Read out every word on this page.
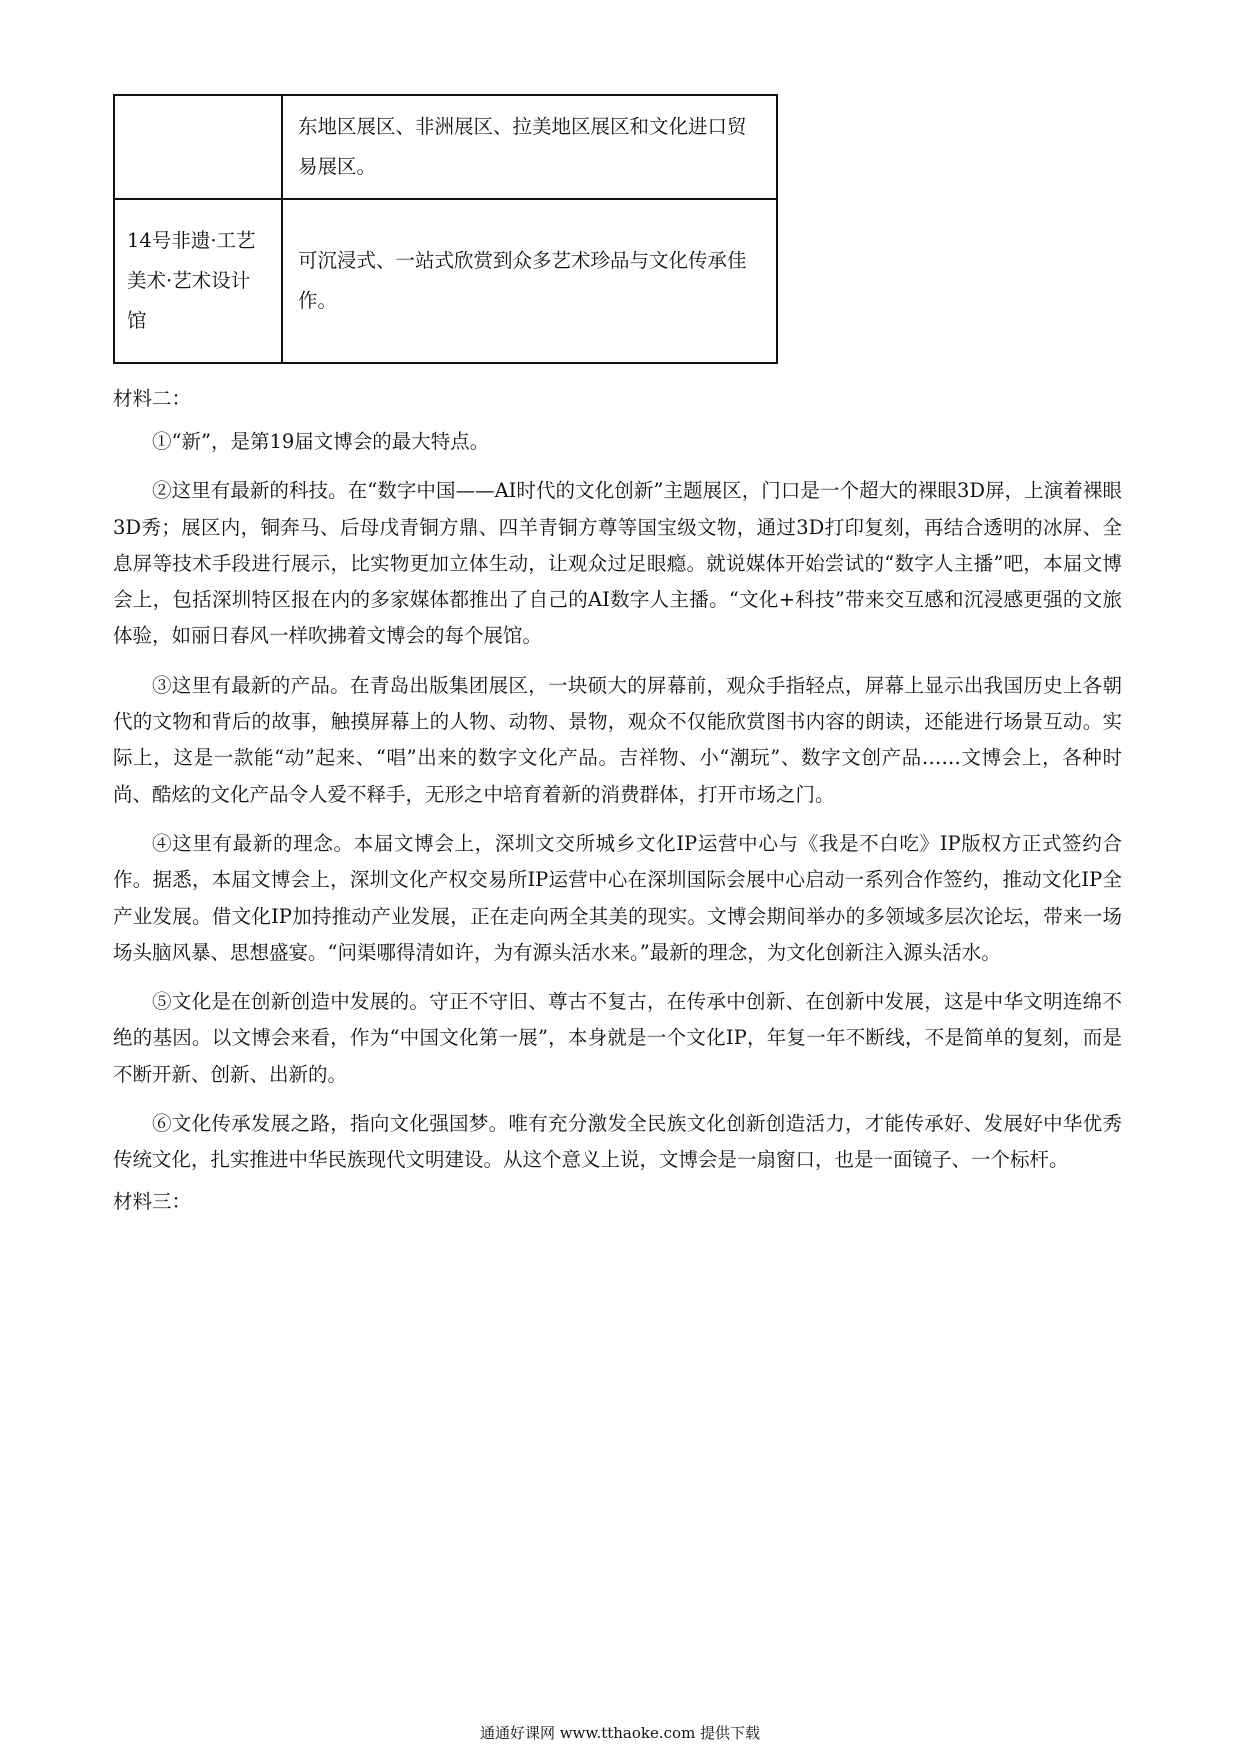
	东地区展区、非洲展区、拉美地区展区和文化进口贸易展区。
14号非遗·工艺美术·艺术设计馆	可沉浸式、一站式欣赏到众多艺术珍品与文化传承佳作。

材料二：

①“新”，是第19届文博会的最大特点。

②这里有最新的科技。在“数字中国——AI时代的文化创新”主题展区，门口是一个超大的裸眼3D屏，上演着裸眼3D秀；展区内，铜奔马、后母戊青铜方鼎、四羊青铜方尊等国宝级文物，通过3D打印复刻，再结合透明的冰屏、全息屏等技术手段进行展示，比实物更加立体生动，让观众过足眼瘾。就说媒体开始尝试的“数字人主播”吧，本届文博会上，包括深圳特区报在内的多家媒体都推出了自己的AI数字人主播。“文化+科技”带来交互感和沉浸感更强的文旅体验，如丽日春风一样吹拂着文博会的每个展馆。

③这里有最新的产品。在青岛出版集团展区，一块硕大的屏幕前，观众手指轻点，屏幕上显示出我国历史上各朝代的文物和背后的故事，触摸屏幕上的人物、动物、景物，观众不仅能欣赏图书内容的朗读，还能进行场景互动。实际上，这是一款能“动”起来、“唱”出来的数字文化产品。吉祥物、小“潮玩”、数字文创产品……文博会上，各种时尚、酷炫的文化产品令人爱不释手，无形之中培育着新的消费群体，打开市场之门。

④这里有最新的理念。本届文博会上，深圳文交所城乡文化IP运营中心与《我是不白吃》IP版权方正式签约合作。据悉，本届文博会上，深圳文化产权交易所IP运营中心在深圳国际会展中心启动一系列合作签约，推动文化IP全产业发展。借文化IP加持推动产业发展，正在走向两全其美的现实。文博会期间举办的多领域多层次论坛，带来一场场头脑风暴、思想盛宴。“问渠哪得清如许，为有源头活水来。”最新的理念，为文化创新注入源头活水。

⑤文化是在创新创造中发展的。守正不守旧、尊古不复古，在传承中创新、在创新中发展，这是中华文明连绵不绝的基因。以文博会来看，作为“中国文化第一展”，本身就是一个文化IP，年复一年不断线，不是简单的复刻，而是不断开新、创新、出新的。

⑥文化传承发展之路，指向文化强国梦。唯有充分激发全民族文化创新创造活力，才能传承好、发展好中华优秀传统文化，扎实推进中华民族现代文明建设。从这个意义上说，文博会是一扇窗口，也是一面镜子、一个标杆。

材料三：

通通好课网 www.tthaoke.com 提供下载
